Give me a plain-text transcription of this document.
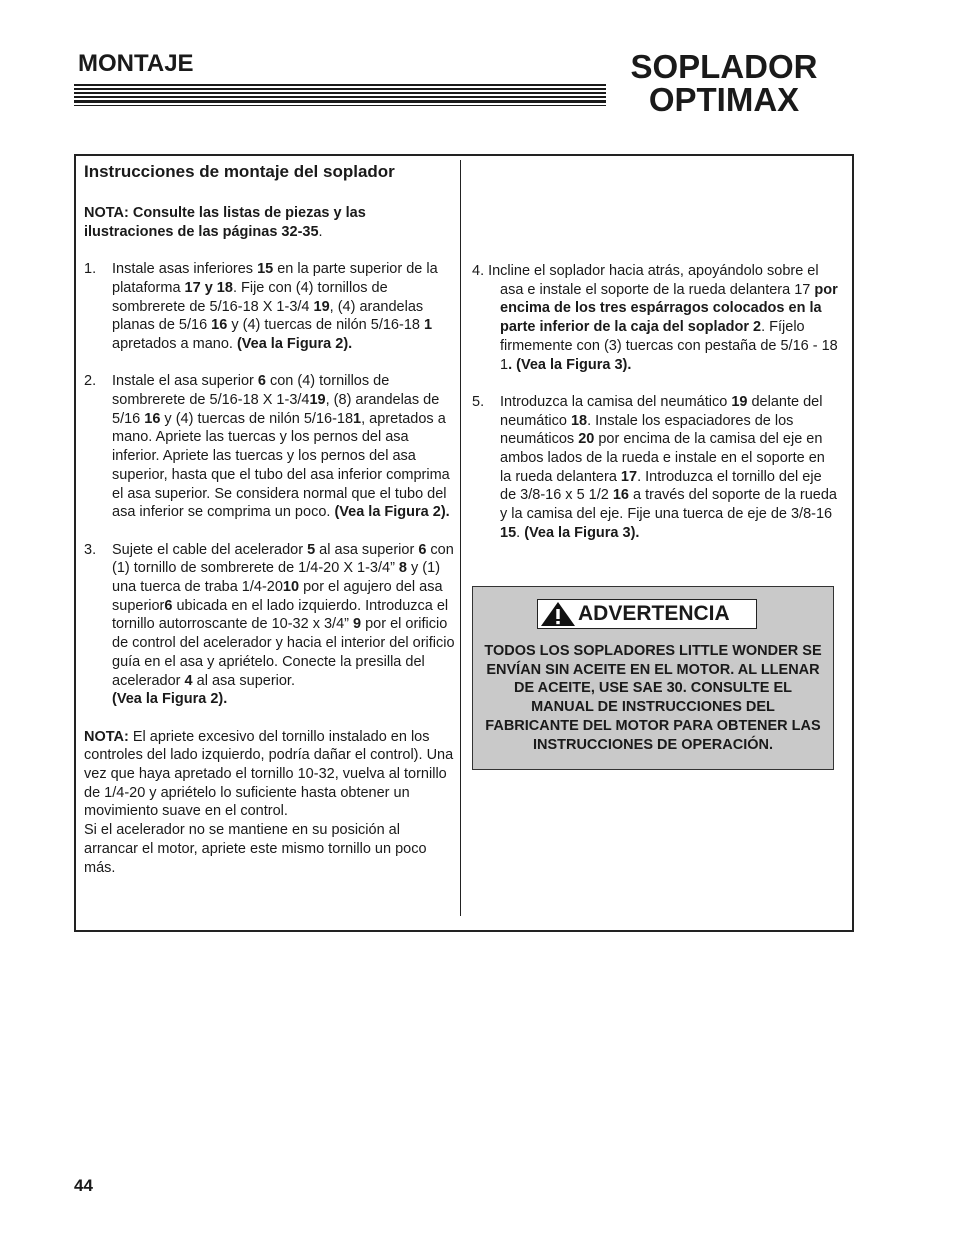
MONTAJE	SOPLADOR
OPTIMAX
Instrucciones de montaje del soplador

NOTA: Consulte las listas de piezas y las ilustraciones de las páginas 32-35.

1. Instale asas inferiores 15 en la parte superior de la plataforma 17 y 18. Fije con (4) tornillos de sombrerete de 5/16-18 X 1-3/4 19, (4) arandelas planas de 5/16 16 y (4) tuercas de nilón 5/16-18 1 apretados a mano. (Vea la Figura 2).

2. Instale el asa superior 6 con (4) tornillos de sombrerete de 5/16-18 X 1-3/419, (8) arandelas de 5/16 16 y (4) tuercas de nilón 5/16-181, apretados a mano. Apriete las tuercas y los pernos del asa inferior. Apriete las tuercas y los pernos del asa superior, hasta que el tubo del asa inferior comprima el asa superior. Se considera normal que el tubo del asa inferior se comprima un poco. (Vea la Figura 2).

3. Sujete el cable del acelerador 5 al asa superior 6 con (1) tornillo de sombrerete de 1/4-20 X 1-3/4” 8 y (1) una tuerca de traba 1/4-2010 por el agujero del asa superior6 ubicada en el lado izquierdo. Introduzca el tornillo autorroscante de 10-32 x 3/4” 9 por el orificio de control del acelerador y hacia el interior del orificio guía en el asa y apriételo. Conecte la presilla del acelerador 4 al asa superior.
(Vea la Figura 2).

NOTA: El apriete excesivo del tornillo instalado en los controles del lado izquierdo, podría dañar el control). Una vez que haya apretado el tornillo 10-32, vuelva al tornillo de 1/4-20 y apriételo lo suficiente hasta obtener un movimiento suave en el control.
Si el acelerador no se mantiene en su posición al arrancar el motor, apriete este mismo tornillo un poco más.

4. Incline el soplador hacia atrás, apoyándolo sobre el asa e instale el soporte de la rueda delantera 17 por encima de los tres espárragos colocados en la parte inferior de la caja del soplador 2. Fíjelo firmemente con (3) tuercas con pestaña de 5/16 - 18 1. (Vea la Figura 3).

5. Introduzca la camisa del neumático 19 delante del neumático 18. Instale los espaciadores de los neumáticos 20 por encima de la camisa del eje en ambos lados de la rueda e instale en el soporte en la rueda delantera 17. Introduzca el tornillo del eje de 3/8-16 x 5 1/2 16 a través del soporte de la rueda y la camisa del eje. Fije una tuerca de eje de 3/8-16 15. (Vea la Figura 3).

ADVERTENCIA
TODOS LOS SOPLADORES LITTLE WONDER SE ENVÍAN SIN ACEITE EN EL MOTOR. AL LLENAR DE ACEITE, USE SAE 30. CONSULTE EL MANUAL DE INSTRUCCIONES DEL FABRICANTE DEL MOTOR PARA OBTENER LAS INSTRUCCIONES DE OPERACIÓN.
44
